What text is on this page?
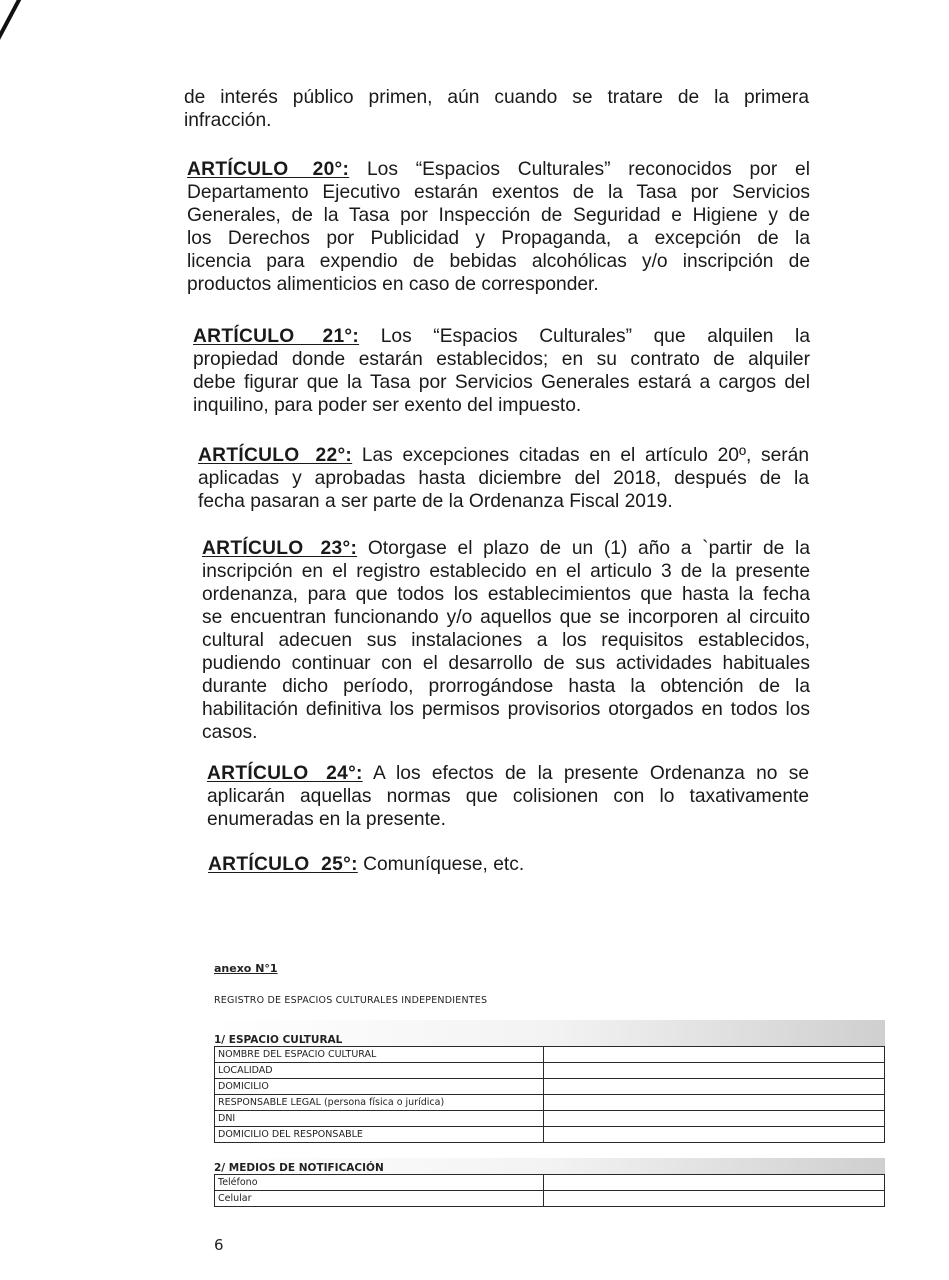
de interés público primen, aún cuando se tratare de la primera
infracción.
ARTÍCULO 20°: Los “Espacios Culturales” reconocidos por el
Departamento Ejecutivo estarán exentos de la Tasa por Servicios
Generales, de la Tasa por Inspección de Seguridad e Higiene y de
los Derechos por Publicidad y Propaganda, a excepción de la
licencia para expendio de bebidas alcohólicas y/o inscripción de
productos alimenticios en caso de corresponder.
ARTÍCULO 21°: Los “Espacios Culturales” que alquilen la
propiedad donde estarán establecidos; en su contrato de alquiler
debe figurar que la Tasa por Servicios Generales estará a cargos del
inquilino, para poder ser exento del impuesto.
ARTÍCULO 22°: Las excepciones citadas en el artículo 20º, serán
aplicadas y aprobadas hasta diciembre del 2018, después de la
fecha pasaran a ser parte de la Ordenanza Fiscal 2019.
ARTÍCULO 23°: Otorgase el plazo de un (1) año a `partir de la
inscripción en el registro establecido en el articulo 3 de la presente
ordenanza, para que todos los establecimientos que hasta la fecha
se encuentran funcionando y/o aquellos que se incorporen al circuito
cultural adecuen sus instalaciones a los requisitos establecidos,
pudiendo continuar con el desarrollo de sus actividades habituales
durante dicho período, prorrogándose hasta la obtención de la
habilitación definitiva los permisos provisorios otorgados en todos los
casos.
ARTÍCULO 24°: A los efectos de la presente Ordenanza no se
aplicarán aquellas normas que colisionen con lo taxativamente
enumeradas en la presente.
ARTÍCULO 25°: Comuníquese, etc.
anexo N°1
REGISTRO DE ESPACIOS CULTURALES INDEPENDIENTES
1/ ESPACIO CULTURAL
NOMBRE DEL ESPACIO CULTURAL	
LOCALIDAD	
DOMICILIO	
RESPONSABLE LEGAL (persona física o jurídica)	
DNI	
DOMICILIO DEL RESPONSABLE	
2/ MEDIOS DE NOTIFICACIÓN
Teléfono	
Celular	
6
